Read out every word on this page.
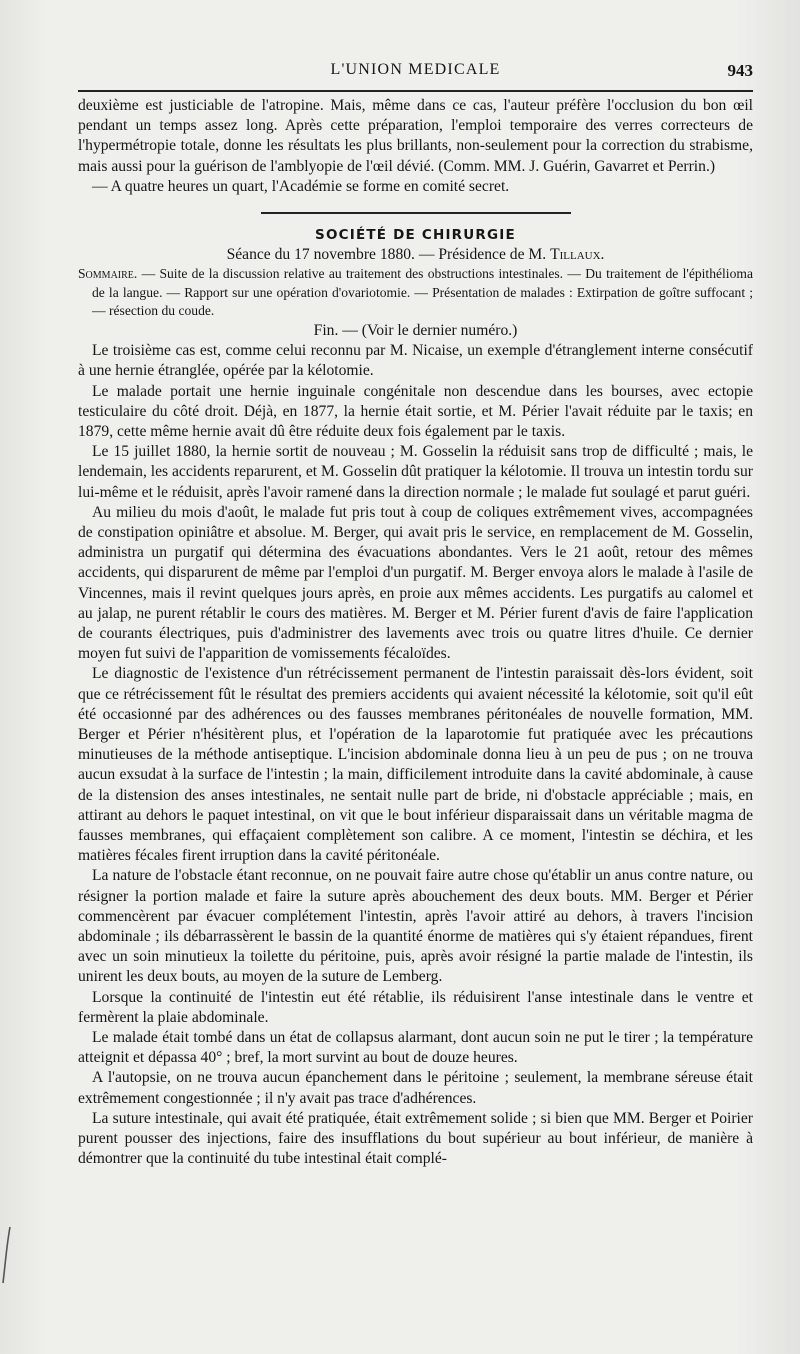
L'UNION MEDICALE	943

deuxième est justiciable de l'atropine. Mais, même dans ce cas, l'auteur préfère l'occlusion du bon œil pendant un temps assez long. Après cette préparation, l'emploi temporaire des verres correcteurs de l'hypermétropie totale, donne les résultats les plus brillants, non-seulement pour la correction du strabisme, mais aussi pour la guérison de l'amblyopie de l'œil dévié. (Comm. MM. J. Guérin, Gavarret et Perrin.)

— A quatre heures un quart, l'Académie se forme en comité secret.

SOCIÉTÉ DE CHIRURGIE

Séance du 17 novembre 1880. — Présidence de M. Tillaux.

Sommaire. — Suite de la discussion relative au traitement des obstructions intestinales. — Du traitement de l'épithélioma de la langue. — Rapport sur une opération d'ovariotomie. — Présentation de malades : Extirpation de goître suffocant ; — résection du coude.

Fin. — (Voir le dernier numéro.)

Le troisième cas est, comme celui reconnu par M. Nicaise, un exemple d'étranglement interne consécutif à une hernie étranglée, opérée par la kélotomie.

Le malade portait une hernie inguinale congénitale non descendue dans les bourses, avec ectopie testiculaire du côté droit. Déjà, en 1877, la hernie était sortie, et M. Périer l'avait réduite par le taxis; en 1879, cette même hernie avait dû être réduite deux fois également par le taxis.

Le 15 juillet 1880, la hernie sortit de nouveau ; M. Gosselin la réduisit sans trop de difficulté ; mais, le lendemain, les accidents reparurent, et M. Gosselin dût pratiquer la kélotomie. Il trouva un intestin tordu sur lui-même et le réduisit, après l'avoir ramené dans la direction normale ; le malade fut soulagé et parut guéri.

Au milieu du mois d'août, le malade fut pris tout à coup de coliques extrêmement vives, accompagnées de constipation opiniâtre et absolue. M. Berger, qui avait pris le service, en remplacement de M. Gosselin, administra un purgatif qui détermina des évacuations abondantes. Vers le 21 août, retour des mêmes accidents, qui disparurent de même par l'emploi d'un purgatif. M. Berger envoya alors le malade à l'asile de Vincennes, mais il revint quelques jours après, en proie aux mêmes accidents. Les purgatifs au calomel et au jalap, ne purent rétablir le cours des matières. M. Berger et M. Périer furent d'avis de faire l'application de courants électriques, puis d'administrer des lavements avec trois ou quatre litres d'huile. Ce dernier moyen fut suivi de l'apparition de vomissements fécaloïdes.

Le diagnostic de l'existence d'un rétrécissement permanent de l'intestin paraissait dès-lors évident, soit que ce rétrécissement fût le résultat des premiers accidents qui avaient nécessité la kélotomie, soit qu'il eût été occasionné par des adhérences ou des fausses membranes péritonéales de nouvelle formation, MM. Berger et Périer n'hésitèrent plus, et l'opération de la laparotomie fut pratiquée avec les précautions minutieuses de la méthode antiseptique. L'incision abdominale donna lieu à un peu de pus ; on ne trouva aucun exsudat à la surface de l'intestin ; la main, difficilement introduite dans la cavité abdominale, à cause de la distension des anses intestinales, ne sentait nulle part de bride, ni d'obstacle appréciable ; mais, en attirant au dehors le paquet intestinal, on vit que le bout inférieur disparaissait dans un véritable magma de fausses membranes, qui effaçaient complètement son calibre. A ce moment, l'intestin se déchira, et les matières fécales firent irruption dans la cavité péritonéale.

La nature de l'obstacle étant reconnue, on ne pouvait faire autre chose qu'établir un anus contre nature, ou résigner la portion malade et faire la suture après abouchement des deux bouts. MM. Berger et Périer commencèrent par évacuer complétement l'intestin, après l'avoir attiré au dehors, à travers l'incision abdominale ; ils débarrassèrent le bassin de la quantité énorme de matières qui s'y étaient répandues, firent avec un soin minutieux la toilette du péritoine, puis, après avoir résigné la partie malade de l'intestin, ils unirent les deux bouts, au moyen de la suture de Lemberg.

Lorsque la continuité de l'intestin eut été rétablie, ils réduisirent l'anse intestinale dans le ventre et fermèrent la plaie abdominale.

Le malade était tombé dans un état de collapsus alarmant, dont aucun soin ne put le tirer ; la température atteignit et dépassa 40° ; bref, la mort survint au bout de douze heures.

A l'autopsie, on ne trouva aucun épanchement dans le péritoine ; seulement, la membrane séreuse était extrêmement congestionnée ; il n'y avait pas trace d'adhérences.

La suture intestinale, qui avait été pratiquée, était extrêmement solide ; si bien que MM. Berger et Poirier purent pousser des injections, faire des insufflations du bout supérieur au bout inférieur, de manière à démontrer que la continuité du tube intestinal était complé-
